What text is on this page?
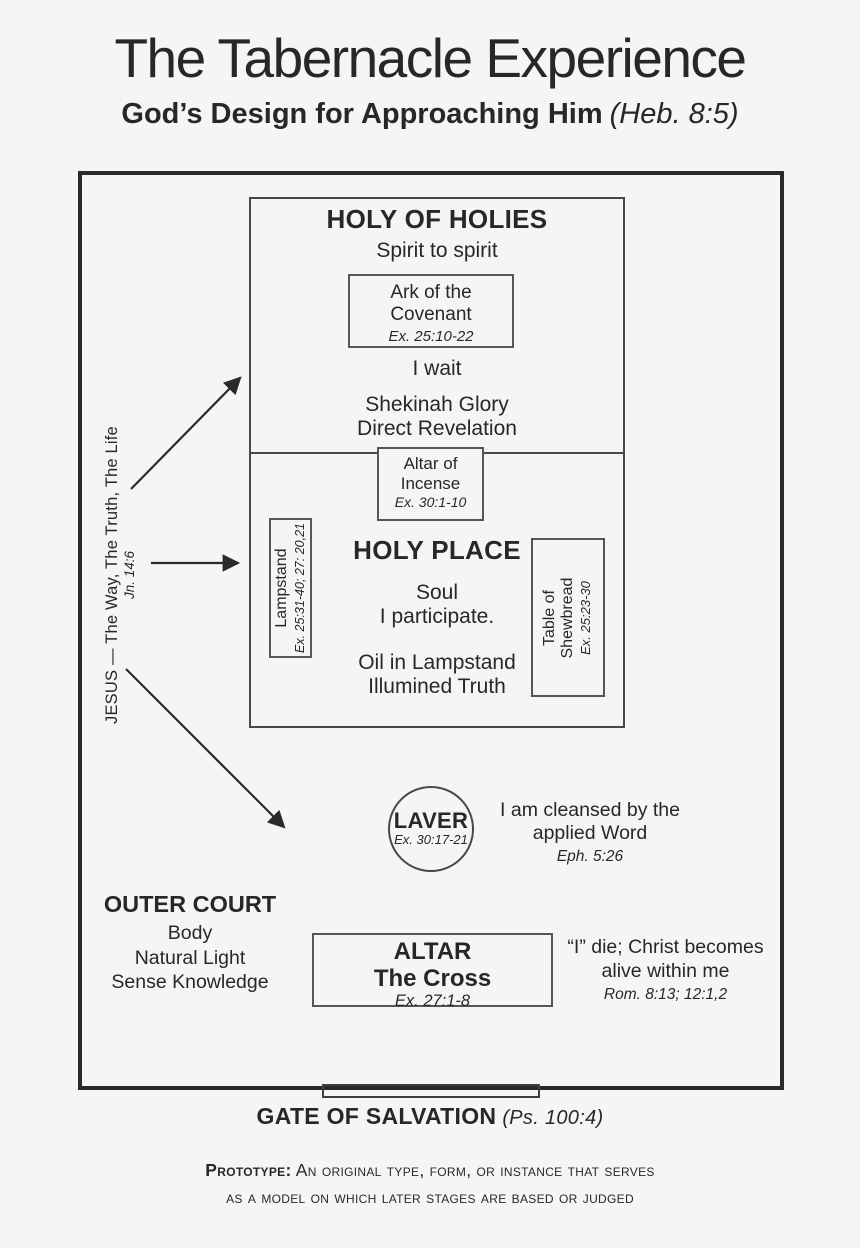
The Tabernacle Experience
God’s Design for Approaching Him (Heb. 8:5)
JESUS — The Way, The Truth, The Life Jn. 14:6
HOLY OF HOLIES
Spirit to spirit
Ark of the
Covenant
Ex. 25:10-22
I wait
Shekinah Glory
Direct Revelation
Altar of
Incense
Ex. 30:1-10
HOLY PLACE
Soul
I participate.
Oil in Lampstand
Illumined Truth
Lampstand Ex. 25:31-40; 27: 20,21	Table of Shewbread Ex. 25:23-30
LAVER
Ex. 30:17-21
I am cleansed by the
applied Word
Eph. 5:26
OUTER COURT
Body
Natural Light
Sense Knowledge
ALTAR
The Cross
Ex. 27:1-8
“I” die; Christ becomes
alive within me
Rom. 8:13; 12:1,2
GATE OF SALVATION (Ps. 100:4)
Prototype: An original type, form, or instance that serves
as a model on which later stages are based or judged
